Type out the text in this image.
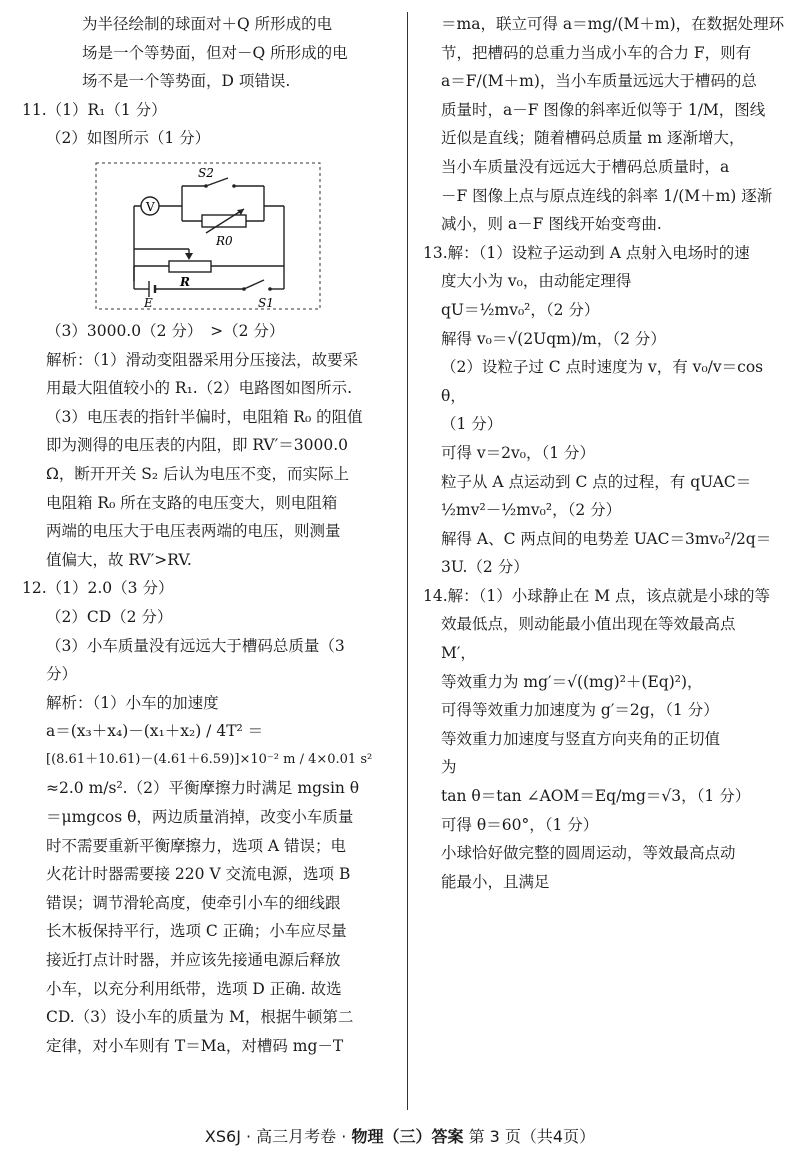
为半径绘制的球面对＋Q 所形成的电

场是一个等势面，但对－Q 所形成的电

场不是一个等势面，D 项错误.

11.（1）R₁（1 分）

（2）如图所示（1 分）

V
S2
R0
R
E	S1

（3）3000.0（2 分）　>（2 分）

解析：（1）滑动变阻器采用分压接法，故要采

用最大阻值较小的 R₁.（2）电路图如图所示.

（3）电压表的指针半偏时，电阻箱 R₀ 的阻值

即为测得的电压表的内阻，即 RV′＝3000.0

Ω，断开开关 S₂ 后认为电压不变，而实际上

电阻箱 R₀ 所在支路的电压变大，则电阻箱

两端的电压大于电压表两端的电压，则测量

值偏大，故 RV′>RV.

12.（1）2.0（3 分）

（2）CD（2 分）

（3）小车质量没有远远大于槽码总质量（3

分）

解析：（1）小车的加速度

a＝(x₃＋x₄)－(x₁＋x₂) / 4T² ＝

[(8.61＋10.61)－(4.61＋6.59)]×10⁻² m / 4×0.01 s²

≈2.0 m/s².（2）平衡摩擦力时满足 mgsin θ

＝μmgcos θ，两边质量消掉，改变小车质量

时不需要重新平衡摩擦力，选项 A 错误；电

火花计时器需要接 220 V 交流电源，选项 B

错误；调节滑轮高度，使牵引小车的细线跟

长木板保持平行，选项 C 正确；小车应尽量

接近打点计时器，并应该先接通电源后释放

小车，以充分利用纸带，选项 D 正确. 故选

CD.（3）设小车的质量为 M，根据牛顿第二

定律，对小车则有 T＝Ma，对槽码 mg－T

＝ma，联立可得 a＝mg/(M＋m)，在数据处理环

节，把槽码的总重力当成小车的合力 F，则有

a＝F/(M＋m)，当小车质量远远大于槽码的总

质量时，a－F 图像的斜率近似等于 1/M，图线

近似是直线；随着槽码总质量 m 逐渐增大，

当小车质量没有远远大于槽码总质量时，a

－F 图像上点与原点连线的斜率 1/(M＋m) 逐渐

减小，则 a－F 图线开始变弯曲.

13.解：（1）设粒子运动到 A 点射入电场时的速

度大小为 v₀，由动能定理得

qU＝½mv₀²，（2 分）

解得 v₀＝√(2Uqm)/m，（2 分）

（2）设粒子过 C 点时速度为 v，有 v₀/v＝cos θ，

（1 分）

可得 v＝2v₀，（1 分）

粒子从 A 点运动到 C 点的过程，有 qUAC＝

½mv²－½mv₀²，（2 分）

解得 A、C 两点间的电势差 UAC＝3mv₀²/2q＝

3U.（2 分）

14.解：（1）小球静止在 M 点，该点就是小球的等

效最低点，则动能最小值出现在等效最高点

M′，

等效重力为 mg′＝√((mg)²＋(Eq)²)，

可得等效重力加速度为 g′＝2g，（1 分）

等效重力加速度与竖直方向夹角的正切值

为

tan θ＝tan ∠AOM＝Eq/mg＝√3，（1 分）

可得 θ＝60°，（1 分）

小球恰好做完整的圆周运动，等效最高点动

能最小，且满足

XS6J · 高三月考卷 · 物理（三）答案 第 3 页（共4页）
